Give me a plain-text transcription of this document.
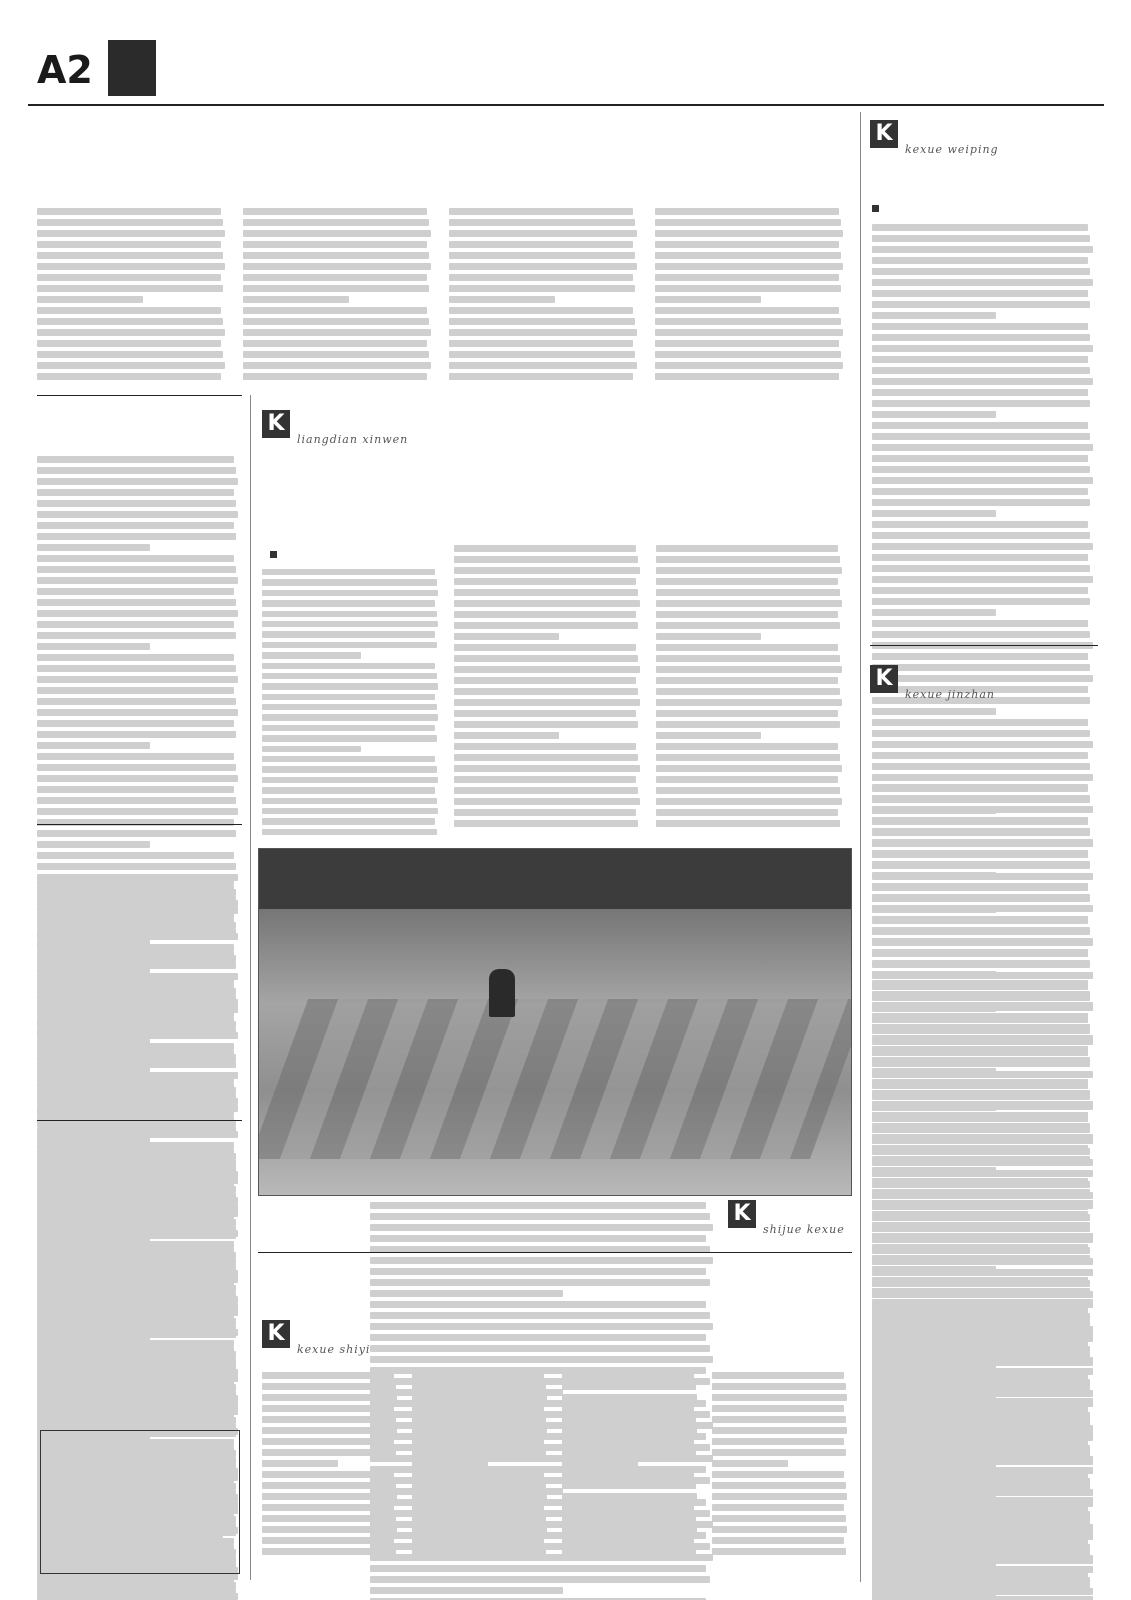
A2
K
kexue weiping
K
liangdian xinwen
K
kexue jinzhan
K
shijue kexue
K
kexue shiyi
